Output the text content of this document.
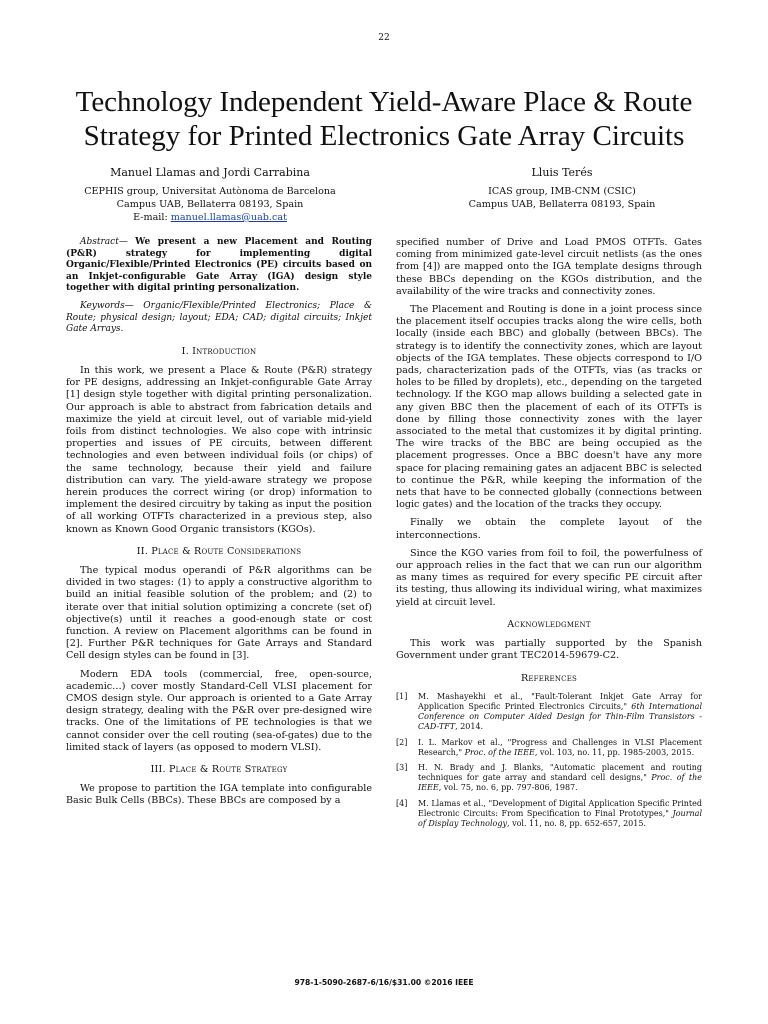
22
Technology Independent Yield-Aware Place & Route Strategy for Printed Electronics Gate Array Circuits
Manuel Llamas and Jordi Carrabina
CEPHIS group, Universitat Autònoma de Barcelona
Campus UAB, Bellaterra 08193, Spain
E-mail: manuel.llamas@uab.cat
Lluis Terés
ICAS group, IMB-CNM (CSIC)
Campus UAB, Bellaterra 08193, Spain

Abstract— We present a new Placement and Routing (P&R) strategy for implementing digital Organic/Flexible/Printed Electronics (PE) circuits based on an Inkjet-configurable Gate Array (IGA) design style together with digital printing personalization.

Keywords— Organic/Flexible/Printed Electronics; Place & Route; physical design; layout; EDA; CAD; digital circuits; Inkjet Gate Arrays.

I. Introduction

In this work, we present a Place & Route (P&R) strategy for PE designs, addressing an Inkjet-configurable Gate Array [1] design style together with digital printing personalization. Our approach is able to abstract from fabrication details and maximize the yield at circuit level, out of variable mid-yield foils from distinct technologies. We also cope with intrinsic properties and issues of PE circuits, between different technologies and even between individual foils (or chips) of the same technology, because their yield and failure distribution can vary. The yield-aware strategy we propose herein produces the correct wiring (or drop) information to implement the desired circuitry by taking as input the position of all working OTFTs characterized in a previous step, also known as Known Good Organic transistors (KGOs).

II. Place & Route Considerations

The typical modus operandi of P&R algorithms can be divided in two stages: (1) to apply a constructive algorithm to build an initial feasible solution of the problem; and (2) to iterate over that initial solution optimizing a concrete (set of) objective(s) until it reaches a good-enough state or cost function. A review on Placement algorithms can be found in [2]. Further P&R techniques for Gate Arrays and Standard Cell design styles can be found in [3].

Modern EDA tools (commercial, free, open-source, academic…) cover mostly Standard-Cell VLSI placement for CMOS design style. Our approach is oriented to a Gate Array design strategy, dealing with the P&R over pre-designed wire tracks. One of the limitations of PE technologies is that we cannot consider over the cell routing (sea-of-gates) due to the limited stack of layers (as opposed to modern VLSI).

III. Place & Route Strategy

We propose to partition the IGA template into configurable Basic Bulk Cells (BBCs). These BBCs are composed by a

specified number of Drive and Load PMOS OTFTs. Gates coming from minimized gate-level circuit netlists (as the ones from [4]) are mapped onto the IGA template designs through these BBCs depending on the KGOs distribution, and the availability of the wire tracks and connectivity zones.

The Placement and Routing is done in a joint process since the placement itself occupies tracks along the wire cells, both locally (inside each BBC) and globally (between BBCs). The strategy is to identify the connectivity zones, which are layout objects of the IGA templates. These objects correspond to I/O pads, characterization pads of the OTFTs, vias (as tracks or holes to be filled by droplets), etc., depending on the targeted technology. If the KGO map allows building a selected gate in any given BBC then the placement of each of its OTFTs is done by filling those connectivity zones with the layer associated to the metal that customizes it by digital printing. The wire tracks of the BBC are being occupied as the placement progresses. Once a BBC doesn't have any more space for placing remaining gates an adjacent BBC is selected to continue the P&R, while keeping the information of the nets that have to be connected globally (connections between logic gates) and the location of the tracks they occupy.

Finally we obtain the complete layout of the interconnections.

Since the KGO varies from foil to foil, the powerfulness of our approach relies in the fact that we can run our algorithm as many times as required for every specific PE circuit after its testing, thus allowing its individual wiring, what maximizes yield at circuit level.

Acknowledgment

This work was partially supported by the Spanish Government under grant TEC2014-59679-C2.

References
[1]	M. Mashayekhi et al., "Fault-Tolerant Inkjet Gate Array for Application Specific Printed Electronics Circuits," 6th International Conference on Computer Aided Design for Thin-Film Transistors - CAD-TFT, 2014.
[2]	I. L. Markov et al., "Progress and Challenges in VLSI Placement Research," Proc. of the IEEE, vol. 103, no. 11, pp. 1985-2003, 2015.
[3]	H. N. Brady and J. Blanks, "Automatic placement and routing techniques for gate array and standard cell designs," Proc. of the IEEE, vol. 75, no. 6, pp. 797-806, 1987.
[4]	M. Llamas et al., "Development of Digital Application Specific Printed Electronic Circuits: From Specification to Final Prototypes," Journal of Display Technology, vol. 11, no. 8, pp. 652-657, 2015.
978-1-5090-2687-6/16/$31.00 ©2016 IEEE
